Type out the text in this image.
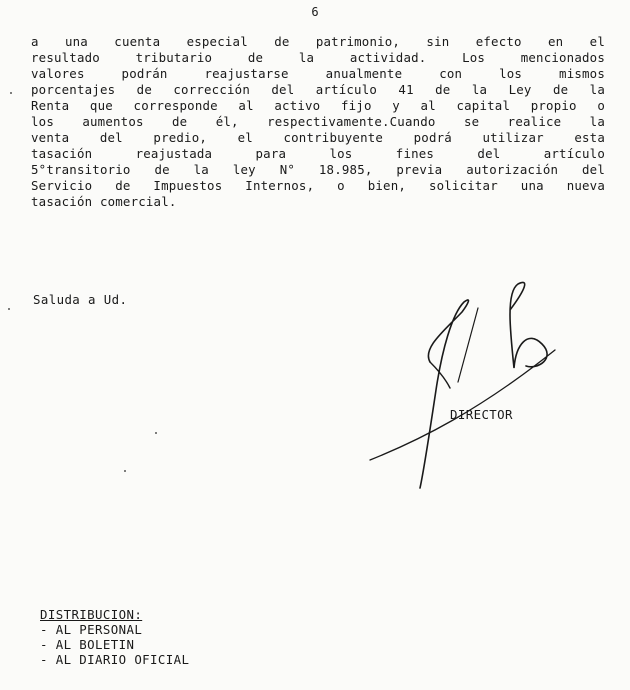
6
a una cuenta especial de patrimonio, sin efecto en el
resultado tributario de la actividad. Los mencionados
valores podrán reajustarse anualmente con los mismos
porcentajes de corrección del artículo 41 de la Ley de la
Renta que corresponde al activo fijo y al capital propio o
los aumentos de él, respectivamente.Cuando se realice la
venta del predio, el contribuyente podrá utilizar esta
tasación reajustada para los fines del artículo
5°transitorio de la ley N° 18.985, previa autorización del
Servicio de Impuestos Internos, o bien, solicitar una nueva
tasación comercial.
Saluda a Ud.
DIRECTOR
DISTRIBUCION:
- AL PERSONAL
- AL BOLETIN
- AL DIARIO OFICIAL
